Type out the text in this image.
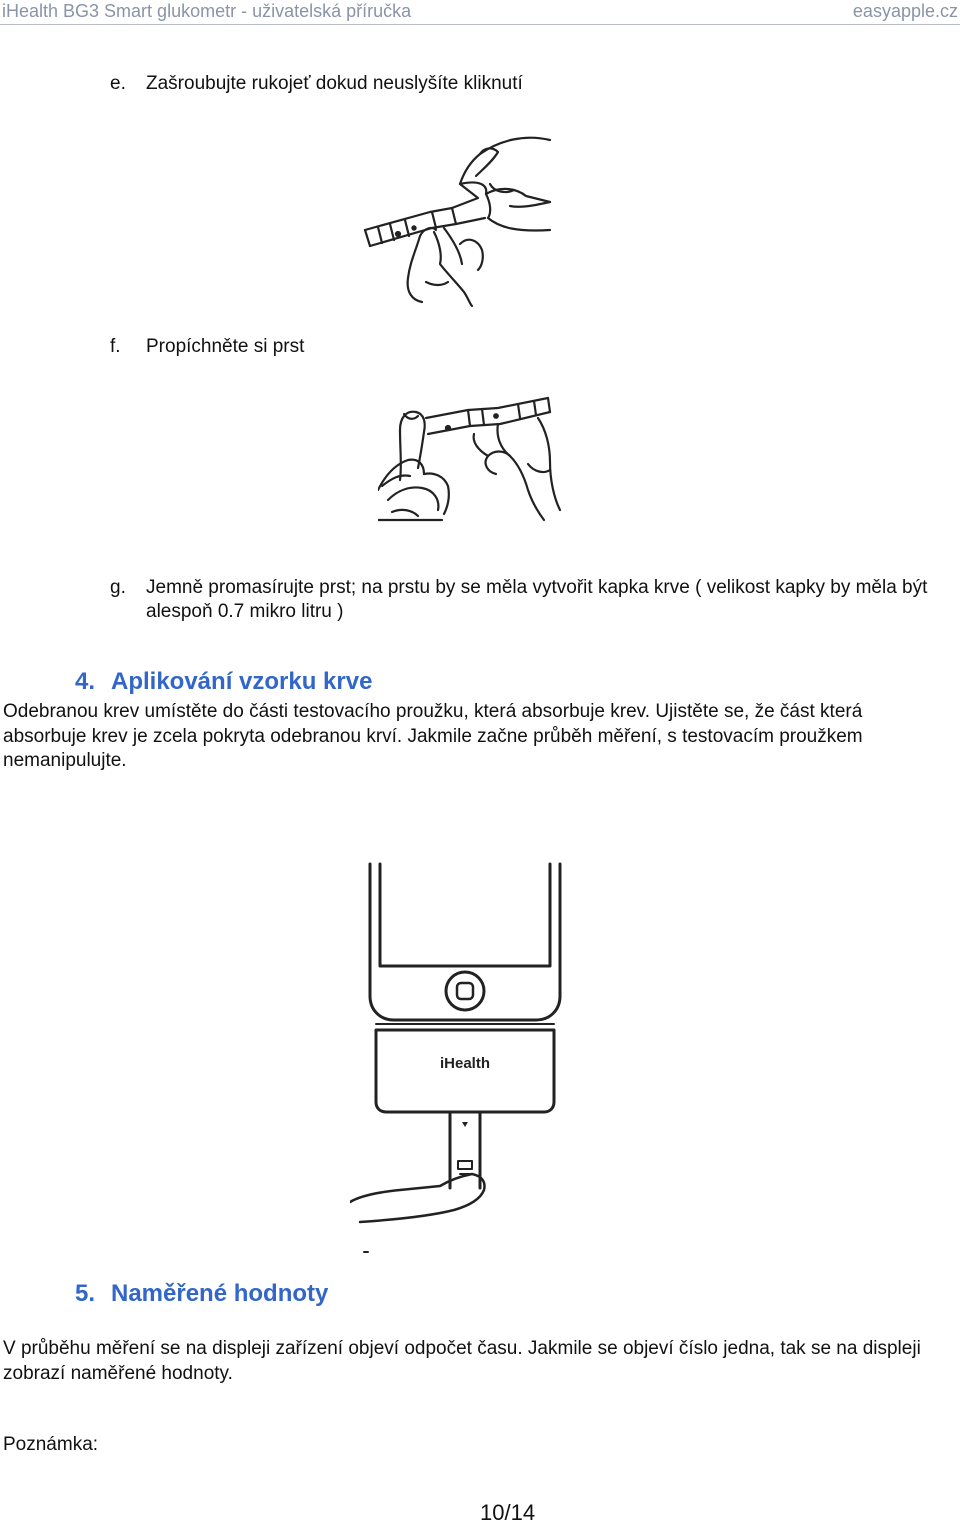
iHealth BG3 Smart glukometr - uživatelská příručka	easyapple.cz
e. Zašroubujte rukojeť dokud neuslyšíte kliknutí
f. Propíchněte si prst
g. Jemně promasírujte prst; na prstu by se měla vytvořit kapka krve ( velikost kapky by měla být alespoň 0.7 mikro litru )
4. Aplikování vzorku krve
Odebranou krev umístěte do části testovacího proužku, která absorbuje krev. Ujistěte se, že část která absorbuje krev je zcela pokryta odebranou krví. Jakmile začne průběh měření, s testovacím proužkem nemanipulujte.
iHealth
5. Naměřené hodnoty
V průběhu měření se na displeji zařízení objeví odpočet času. Jakmile se objeví číslo jedna, tak se na displeji zobrazí naměřené hodnoty.
Poznámka:
10/14
